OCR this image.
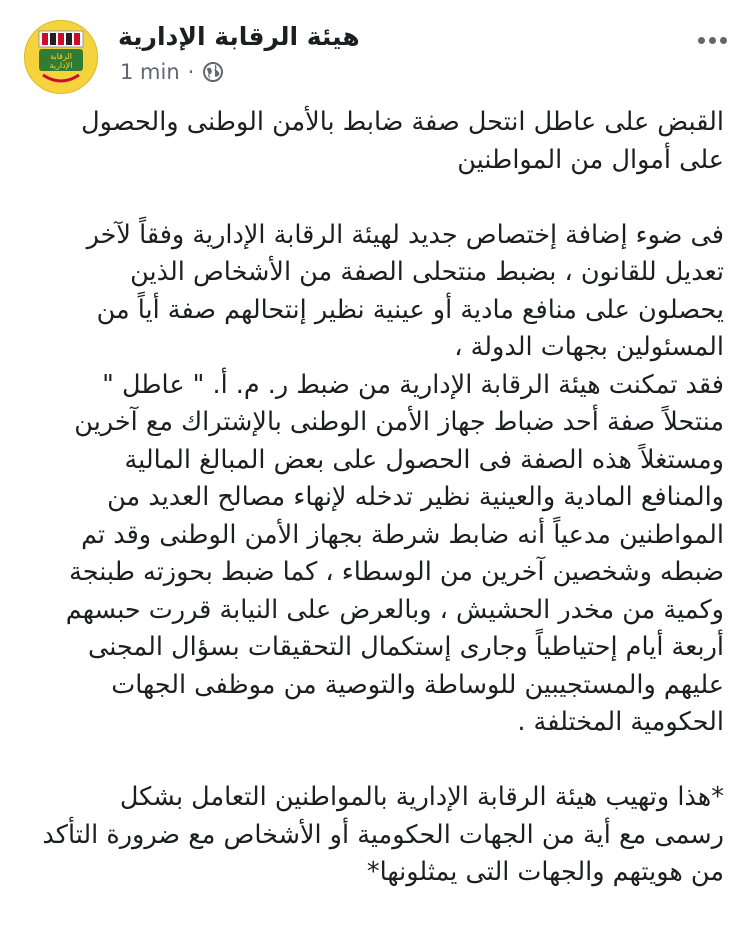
الرقابة
الإدارية
هيئة الرقابة الإدارية
1 min ·

القبض على عاطل انتحل صفة ضابط بالأمن الوطنى والحصول
على أموال من المواطنين

فى ضوء إضافة إختصاص جديد لهيئة الرقابة الإدارية وفقاً لآخر
تعديل للقانون ، بضبط منتحلى الصفة من الأشخاص الذين
يحصلون على منافع مادية أو عينية نظير إنتحالهم صفة أياً من
المسئولين بجهات الدولة ،
فقد تمكنت هيئة الرقابة الإدارية من ضبط ر. م. أ. " عاطل "
منتحلاً صفة أحد ضباط جهاز الأمن الوطنى بالإشتراك مع آخرين
ومستغلاً هذه الصفة فى الحصول على بعض المبالغ المالية
والمنافع المادية والعينية نظير تدخله لإنهاء مصالح العديد من
المواطنين مدعياً أنه ضابط شرطة بجهاز الأمن الوطنى وقد تم
ضبطه وشخصين آخرين من الوسطاء ، كما ضبط بحوزته طبنجة
وكمية من مخدر الحشيش ، وبالعرض على النيابة قررت حبسهم
أربعة أيام إحتياطياً وجارى إستكمال التحقيقات بسؤال المجنى
عليهم والمستجيبين للوساطة والتوصية من موظفى الجهات
الحكومية المختلفة .

*هذا وتهيب هيئة الرقابة الإدارية بالمواطنين التعامل بشكل
رسمى مع أية من الجهات الحكومية أو الأشخاص مع ضرورة التأكد
من هويتهم والجهات التى يمثلونها*
